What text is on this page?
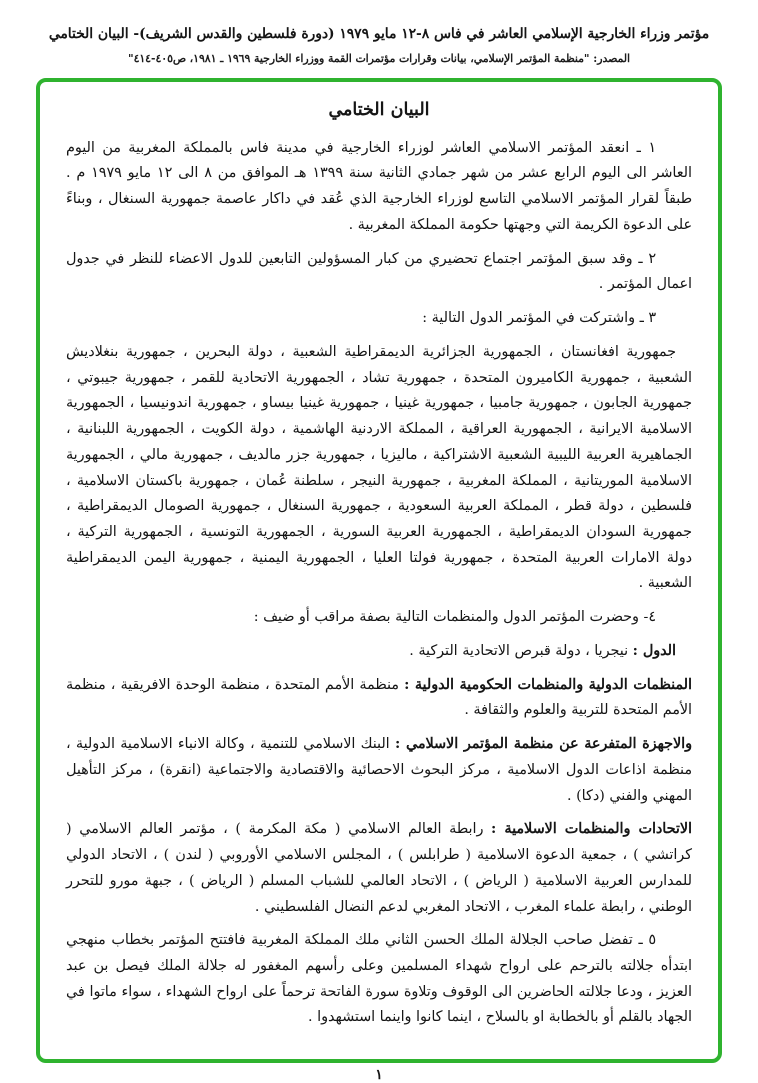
مؤتمر وزراء الخارجية الإسلامي العاشر في فاس ٨-١٢ مايو ١٩٧٩ (دورة فلسطين والقدس الشريف)- البيان الختامي
المصدر: "منظمة المؤتمر الإسلامي، بيانات وقرارات مؤتمرات القمة ووزراء الخارجية ١٩٦٩ ـ ١٩٨١، ص٤٠٥-٤١٤"
البيان الختامي

١ ـ انعقد المؤتمر الاسلامي العاشر لوزراء الخارجية في مدينة فاس بالمملكة المغربية من اليوم العاشر الى اليوم الرابع عشر من شهر جمادي الثانية سنة ١٣٩٩ هـ الموافق من ٨ الى ١٢ مايو ١٩٧٩ م . طبقاً لقرار المؤتمر الاسلامي التاسع لوزراء الخارجية الذي عُقد في داكار عاصمة جمهورية السنغال ، وبناءً على الدعوة الكريمة التي وجهتها حكومة المملكة المغربية .

٢ ـ وقد سبق المؤتمر اجتماع تحضيري من كبار المسؤولين التابعين للدول الاعضاء للنظر في جدول اعمال المؤتمر .

٣ ـ واشتركت في المؤتمر الدول التالية :

جمهورية افغانستان ، الجمهورية الجزائرية الديمقراطية الشعبية ، دولة البحرين ، جمهورية بنغلاديش الشعبية ، جمهورية الكاميرون المتحدة ، جمهورية تشاد ، الجمهورية الاتحادية للقمر ، جمهورية جيبوتي ، جمهورية الجابون ، جمهورية جامبيا ، جمهورية غينيا ، جمهورية غينيا بيساو ، جمهورية اندونيسيا ، الجمهورية الاسلامية الايرانية ، الجمهورية العراقية ، المملكة الاردنية الهاشمية ، دولة الكويت ، الجمهورية اللبنانية ، الجماهيرية العربية الليبية الشعبية الاشتراكية ، ماليزيا ، جمهورية جزر مالديف ، جمهورية مالي ، الجمهورية الاسلامية الموريتانية ، المملكة المغربية ، جمهورية النيجر ، سلطنة عُمان ، جمهورية باكستان الاسلامية ، فلسطين ، دولة قطر ، المملكة العربية السعودية ، جمهورية السنغال ، جمهورية الصومال الديمقراطية ، جمهورية السودان الديمقراطية ، الجمهورية العربية السورية ، الجمهورية التونسية ، الجمهورية التركية ، دولة الامارات العربية المتحدة ، جمهورية فولتا العليا ، الجمهورية اليمنية ، جمهورية اليمن الديمقراطية الشعبية .

٤- وحضرت المؤتمر الدول والمنظمات التالية بصفة مراقب أو ضيف :

الدول : نيجريا ، دولة قبرص الاتحادية التركية .

المنظمات الدولية والمنظمات الحكومية الدولية : منظمة الأمم المتحدة ، منظمة الوحدة الافريقية ، منظمة الأمم المتحدة للتربية والعلوم والثقافة .

والاجهزة المتفرعة عن منظمة المؤتمر الاسلامي : البنك الاسلامي للتنمية ، وكالة الانباء الاسلامية الدولية ، منظمة اذاعات الدول الاسلامية ، مركز البحوث الاحصائية والاقتصادية والاجتماعية (انقرة) ، مركز التأهيل المهني والفني (دكا) .

الاتحادات والمنظمات الاسلامية : رابطة العالم الاسلامي ( مكة المكرمة ) ، مؤتمر العالم الاسلامي ( كراتشي ) ، جمعية الدعوة الاسلامية ( طرابلس ) ، المجلس الاسلامي الأوروبي ( لندن ) ، الاتحاد الدولي للمدارس العربية الاسلامية ( الرياض ) ، الاتحاد العالمي للشباب المسلم ( الرياض ) ، جبهة مورو للتحرر الوطني ، رابطة علماء المغرب ، الاتحاد المغربي لدعم النضال الفلسطيني .

٥ ـ تفضل صاحب الجلالة الملك الحسن الثاني ملك المملكة المغربية فافتتح المؤتمر بخطاب منهجي ابتدأه جلالته بالترحم على ارواح شهداء المسلمين وعلى رأسهم المغفور له جلالة الملك فيصل بن عبد العزيز ، ودعا جلالته الحاضرين الى الوقوف وتلاوة سورة الفاتحة ترحماً على ارواح الشهداء ، سواء ماتوا في الجهاد بالقلم أو بالخطابة او بالسلاح ، اينما كانوا واينما استشهدوا .

١
